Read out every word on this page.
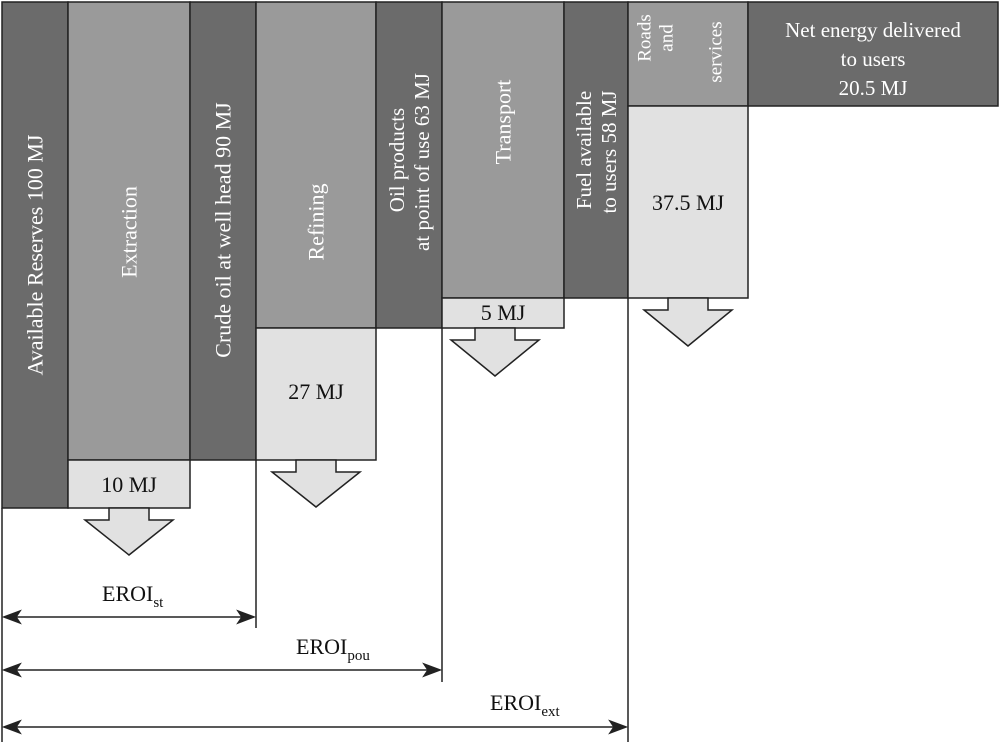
Available Reserves 100 MJ	Extraction	Crude oil at well head 90 MJ	Refining
Oil products at point of use 63 MJ	Transport	Fuel available to users 58 MJ
Roads and services	Net energy delivered
to users
20.5 MJ
10 MJ
27 MJ
5 MJ
37.5 MJ
$EROI_{st}$
$EROI_{pou}$
$EROI_{ext}$
